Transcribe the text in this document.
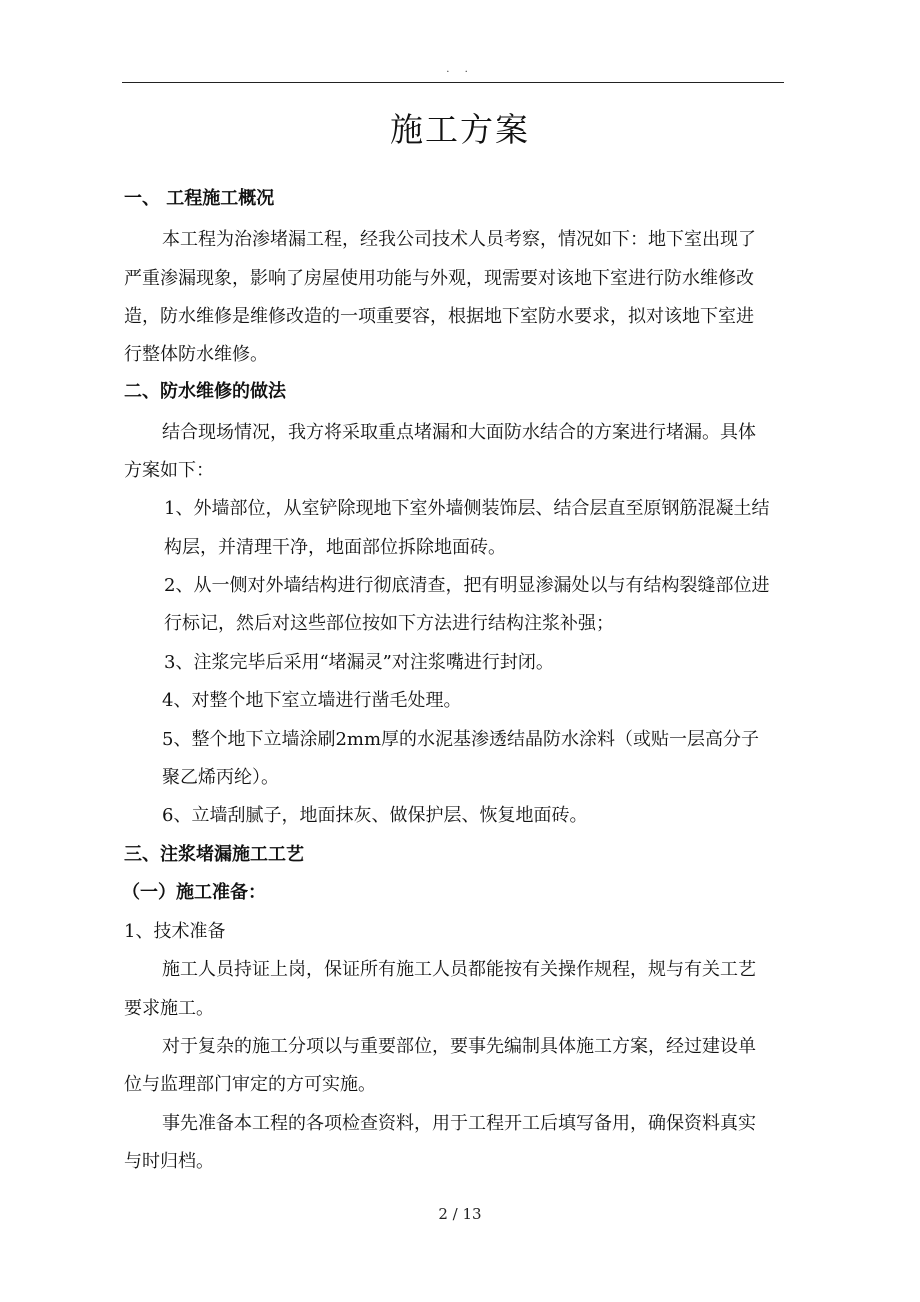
. .
施工方案
一、 工程施工概况
本工程为治渗堵漏工程，经我公司技术人员考察，情况如下：地下室出现了
严重渗漏现象，影响了房屋使用功能与外观，现需要对该地下室进行防水维修改
造，防水维修是维修改造的一项重要容，根据地下室防水要求，拟对该地下室进
行整体防水维修。
二、防水维修的做法
结合现场情况，我方将采取重点堵漏和大面防水结合的方案进行堵漏。具体
方案如下：
1、外墙部位，从室铲除现地下室外墙侧装饰层、结合层直至原钢筋混凝土结
构层，并清理干净，地面部位拆除地面砖。
2、从一侧对外墙结构进行彻底清查，把有明显渗漏处以与有结构裂缝部位进
行标记，然后对这些部位按如下方法进行结构注浆补强；
3、注浆完毕后采用“堵漏灵”对注浆嘴进行封闭。
4、对整个地下室立墙进行凿毛处理。
5、整个地下立墙涂刷2mm厚的水泥基渗透结晶防水涂料（或贴一层高分子
聚乙烯丙纶）。
6、立墙刮腻子，地面抹灰、做保护层、恢复地面砖。
三、注浆堵漏施工工艺
（一）施工准备：
1、技术准备
施工人员持证上岗，保证所有施工人员都能按有关操作规程，规与有关工艺
要求施工。
对于复杂的施工分项以与重要部位，要事先编制具体施工方案，经过建设单
位与监理部门审定的方可实施。
事先准备本工程的各项检查资料，用于工程开工后填写备用，确保资料真实
与时归档。
2 / 13
